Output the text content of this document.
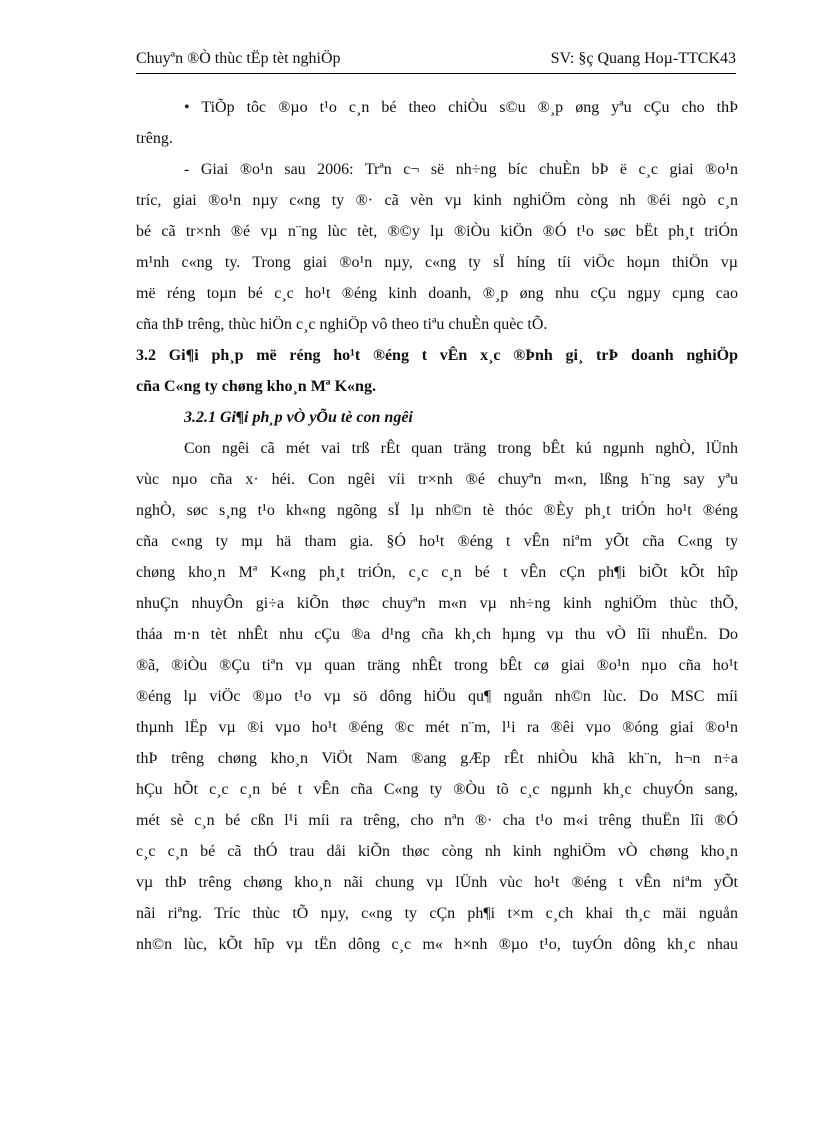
Chuyªn ®Ò thùc tËp tèt nghiÖp	SV: §ç Quang Hoµ-TTCK43
• TiÕp tôc ®µo t¹o c¸n bé theo chiÒu s©u ®¸p øng yªu cÇu cho thÞ
trêng.
- Giai ®o¹n sau 2006: Trªn c¬ së nh÷ng bíc chuÈn bÞ ë c¸c giai ®o¹n
tríc, giai ®o¹n nµy c«ng ty ®· cã vèn vµ kinh nghiÖm còng nh ®éi ngò c¸n
bé cã tr×nh ®é vµ n¨ng lùc tèt, ®©y lµ ®iÒu kiÖn ®Ó t¹o søc bËt ph¸t triÓn
m¹nh c«ng ty. Trong giai ®o¹n nµy, c«ng ty sÏ híng tíi viÖc hoµn thiÖn vµ
më réng toµn bé c¸c ho¹t ®éng kinh doanh, ®¸p øng nhu cÇu ngµy cµng cao
cña thÞ trêng, thùc hiÖn c¸c nghiÖp vô theo tiªu chuÈn quèc tÕ.
3.2 Gi¶i ph¸p më réng ho¹t ®éng t vÊn x¸c ®Þnh gi¸ trÞ doanh nghiÖp
cña C«ng ty chøng kho¸n Mª K«ng.
3.2.1 Gi¶i ph¸p vÒ yÕu tè con ngêi
Con ngêi cã mét vai trß rÊt quan träng trong bÊt kú ngµnh nghÒ, lÜnh
vùc nµo cña x· héi. Con ngêi víi tr×nh ®é chuyªn m«n, lßng h¨ng say yªu
nghÒ, søc s¸ng t¹o kh«ng ngõng sÏ lµ nh©n tè thóc ®Èy ph¸t triÓn ho¹t ®éng
cña c«ng ty mµ hä tham gia. §Ó ho¹t ®éng t vÊn niªm yÕt cña C«ng ty
chøng kho¸n Mª K«ng ph¸t triÓn, c¸c c¸n bé t vÊn cÇn ph¶i biÕt kÕt hîp
nhuÇn nhuyÔn gi÷a kiÕn thøc chuyªn m«n vµ nh÷ng kinh nghiÖm thùc thÕ,
tháa m·n tèt nhÊt nhu cÇu ®a d¹ng cña kh¸ch hµng vµ thu vÒ lîi nhuËn. Do
®ã, ®iÒu ®Çu tiªn vµ quan träng nhÊt trong bÊt cø giai ®o¹n nµo cña ho¹t
®éng lµ viÖc ®µo t¹o vµ sö dông hiÖu qu¶ nguån nh©n lùc. Do MSC míi
thµnh lËp vµ ®i vµo ho¹t ®éng ®c mét n¨m, l¹i ra ®êi vµo ®óng giai ®o¹n
thÞ trêng chøng kho¸n ViÖt Nam ®ang gÆp rÊt nhiÒu khã kh¨n, h¬n n÷a
hÇu hÕt c¸c c¸n bé t vÊn cña C«ng ty ®Òu tõ c¸c ngµnh kh¸c chuyÓn sang,
mét sè c¸n bé cßn l¹i míi ra trêng, cho nªn ®· cha t¹o m«i trêng thuËn lîi ®Ó
c¸c c¸n bé cã thÓ trau dåi kiÕn thøc còng nh kinh nghiÖm vÒ chøng kho¸n
vµ thÞ trêng chøng kho¸n nãi chung vµ lÜnh vùc ho¹t ®éng t vÊn niªm yÕt
nãi riªng. Tríc thùc tÕ nµy, c«ng ty cÇn ph¶i t×m c¸ch khai th¸c mäi nguån
nh©n lùc, kÕt hîp vµ tËn dông c¸c m« h×nh ®µo t¹o, tuyÓn dông kh¸c nhau
